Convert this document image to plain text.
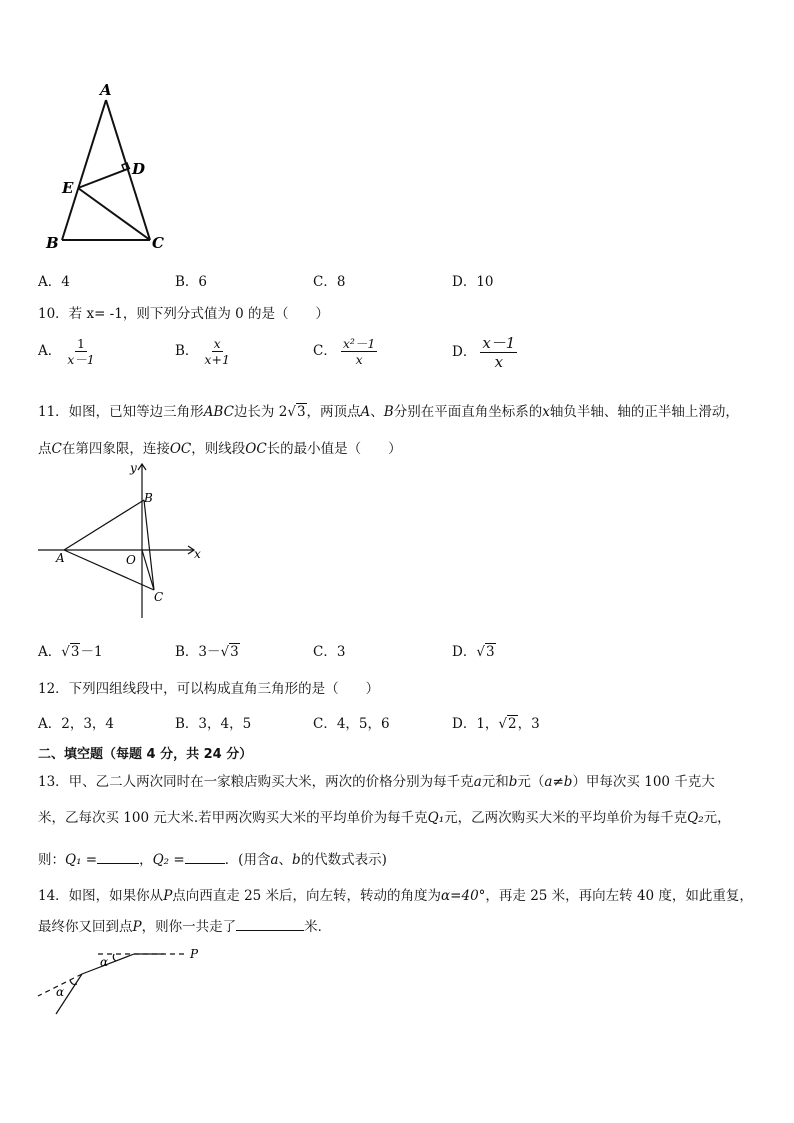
A
D
E
B	C
A．4	B．6	C．8	D．10
10．若 x= -1，则下列分式值为 0 的是（　　）
A． $\frac{1}{x-1}$	B． $\frac{x}{x+1}$	C． $\frac{\text{x²－1}}{x}$	D． $\frac{x-1}{x}$
11．如图，已知等边三角形ABC边长为 2√3，两顶点A、B分别在平面直角坐标系的x轴负半轴、轴的正半轴上滑动，
点C在第四象限，连接OC，则线段OC长的最小值是（　　）
y
x
B
A	O
C
A．√3－1	B．3－√3	C．3	D．√3
12．下列四组线段中，可以构成直角三角形的是（　　）
A．2，3，4	B．3，4，5	C．4，5，6	D．1，√2，3
二、填空题（每题 4 分，共 24 分）
13．甲、乙二人两次同时在一家粮店购买大米，两次的价格分别为每千克a元和b元（a≠b）甲每次买 100 千克大
米，乙每次买 100 元大米.若甲两次购买大米的平均单价为每千克Q₁元，乙两次购买大米的平均单价为每千克Q₂元，
则：Q₁ =	，Q₂ =	．(用含a、b的代数式表示)
14．如图，如果你从P点向西直走 25 米后，向左转，转动的角度为α=40°，再走 25 米，再向左转 40 度，如此重复，
最终你又回到点P，则你一共走了	米．
P
α
α
